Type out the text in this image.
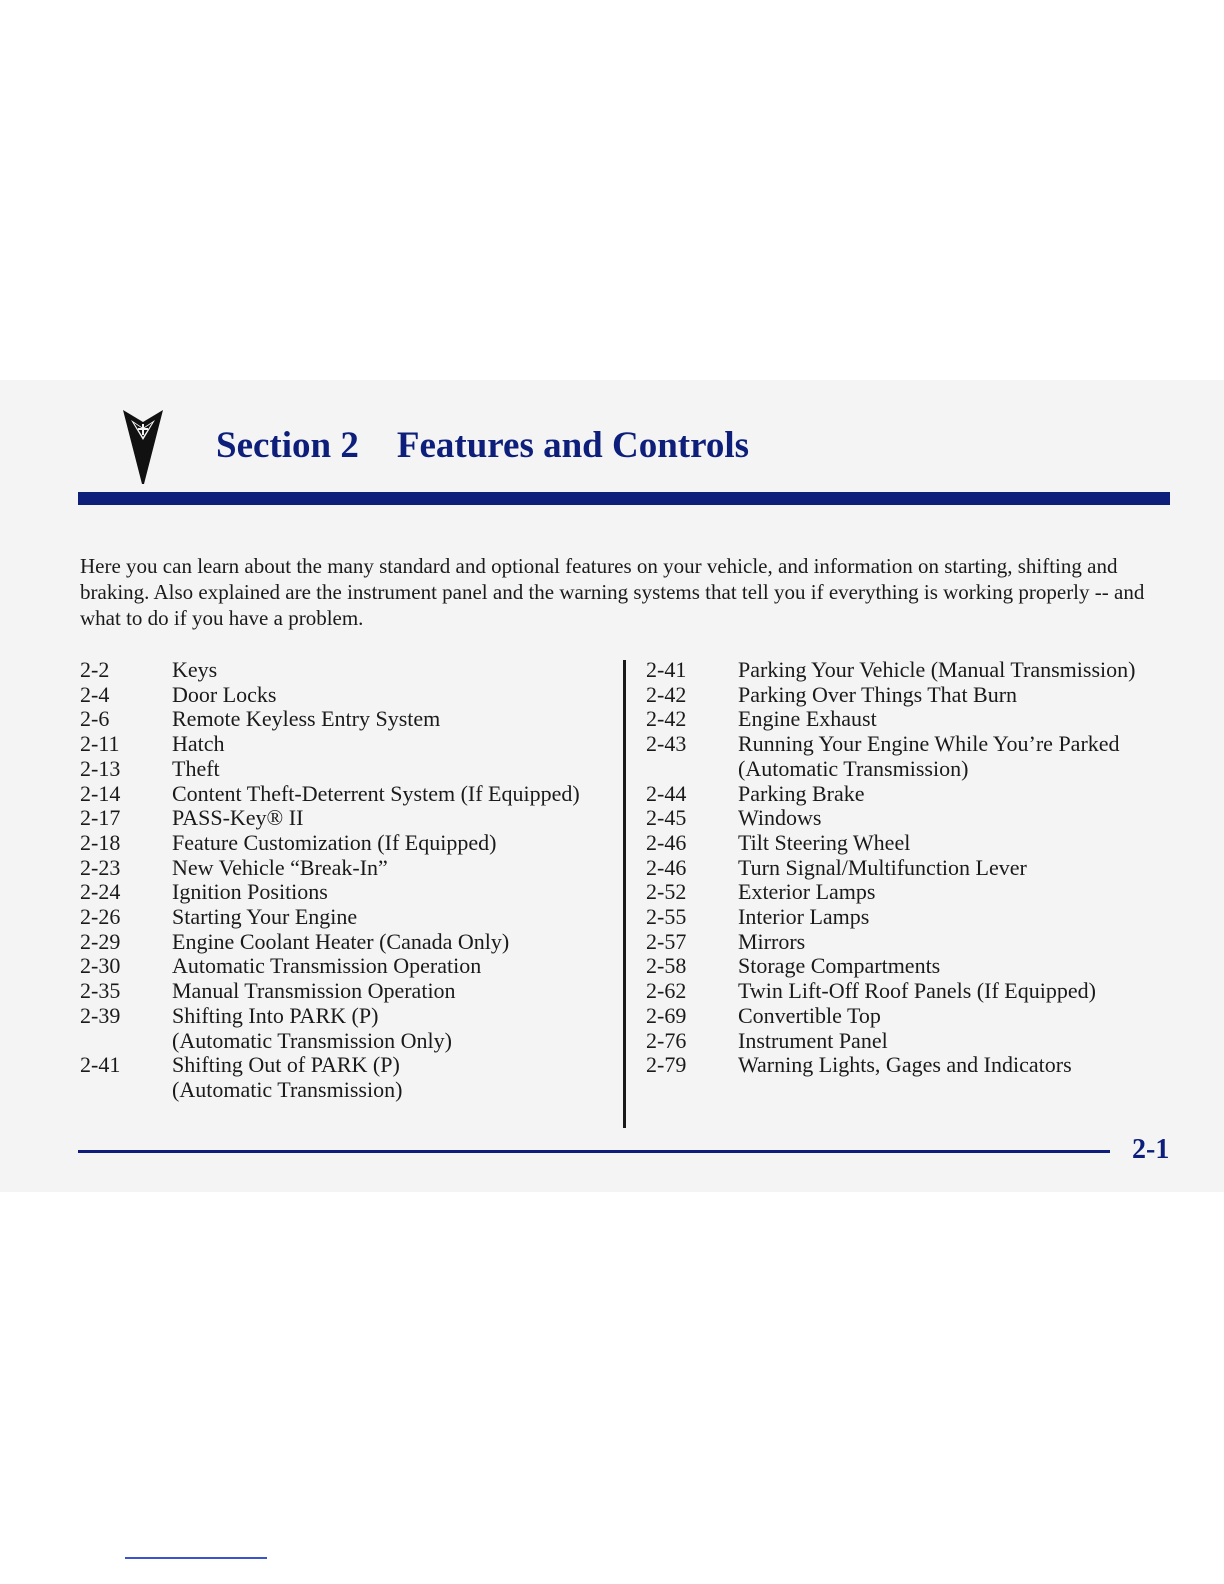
Section 2 Features and Controls

Here you can learn about the many standard and optional features on your vehicle, and information on starting, shifting and braking. Also explained are the instrument panel and the warning systems that tell you if everything is working properly -- and what to do if you have a problem.

2-2	Keys
2-4	Door Locks
2-6	Remote Keyless Entry System
2-11	Hatch
2-13	Theft
2-14	Content Theft-Deterrent System (If Equipped)
2-17	PASS-Key® II
2-18	Feature Customization (If Equipped)
2-23	New Vehicle “Break-In”
2-24	Ignition Positions
2-26	Starting Your Engine
2-29	Engine Coolant Heater (Canada Only)
2-30	Automatic Transmission Operation
2-35	Manual Transmission Operation
2-39	Shifting Into PARK (P)
(Automatic Transmission Only)
2-41	Shifting Out of PARK (P)
(Automatic Transmission)
2-41	Parking Your Vehicle (Manual Transmission)
2-42	Parking Over Things That Burn
2-42	Engine Exhaust
2-43	Running Your Engine While You’re Parked
(Automatic Transmission)
2-44	Parking Brake
2-45	Windows
2-46	Tilt Steering Wheel
2-46	Turn Signal/Multifunction Lever
2-52	Exterior Lamps
2-55	Interior Lamps
2-57	Mirrors
2-58	Storage Compartments
2-62	Twin Lift-Off Roof Panels (If Equipped)
2-69	Convertible Top
2-76	Instrument Panel
2-79	Warning Lights, Gages and Indicators
2-1
